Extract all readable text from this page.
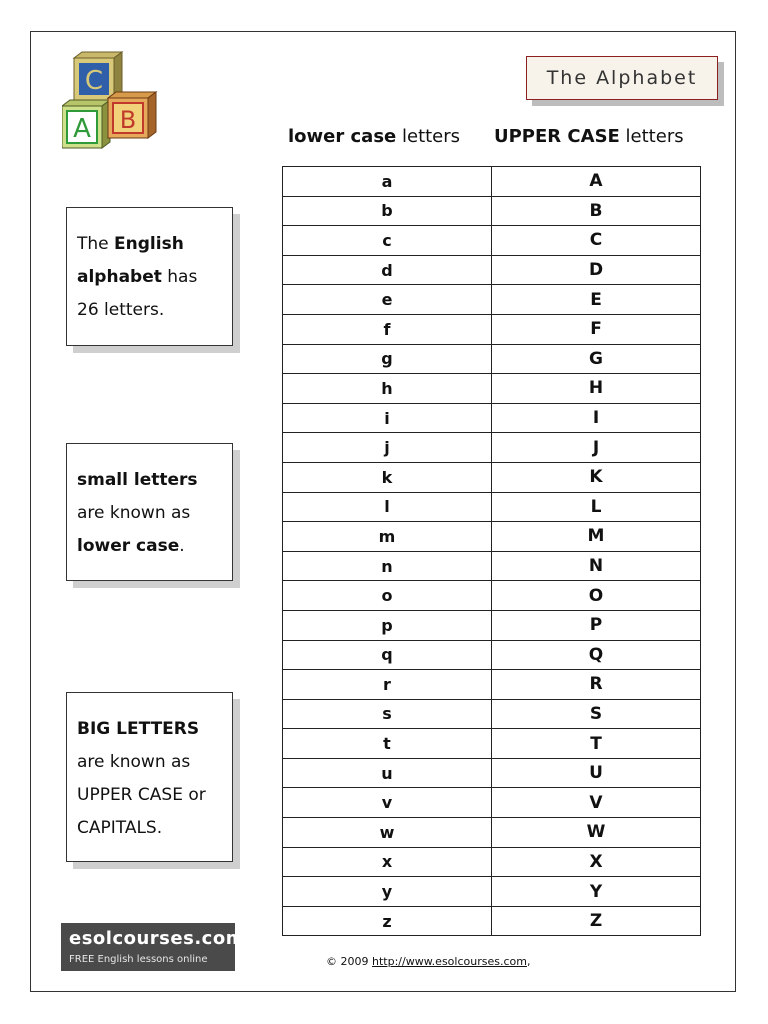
C
A B
The Alphabet
lower case letters UPPER CASE letters
a	A
b	B
c	C
d	D
e	E
f	F
g	G
h	H
i	I
j	J
k	K
l	L
m	M
n	N
o	O
p	P
q	Q
r	R
s	S
t	T
u	U
v	V
w	W
x	X
y	Y
z	Z
The English alphabet has 26 letters.
small letters are known as lower case.
BIG LETTERS are known as UPPER CASE or CAPITALS.
esolcourses.com
FREE English lessons online	© 2009 http://www.esolcourses.com,
